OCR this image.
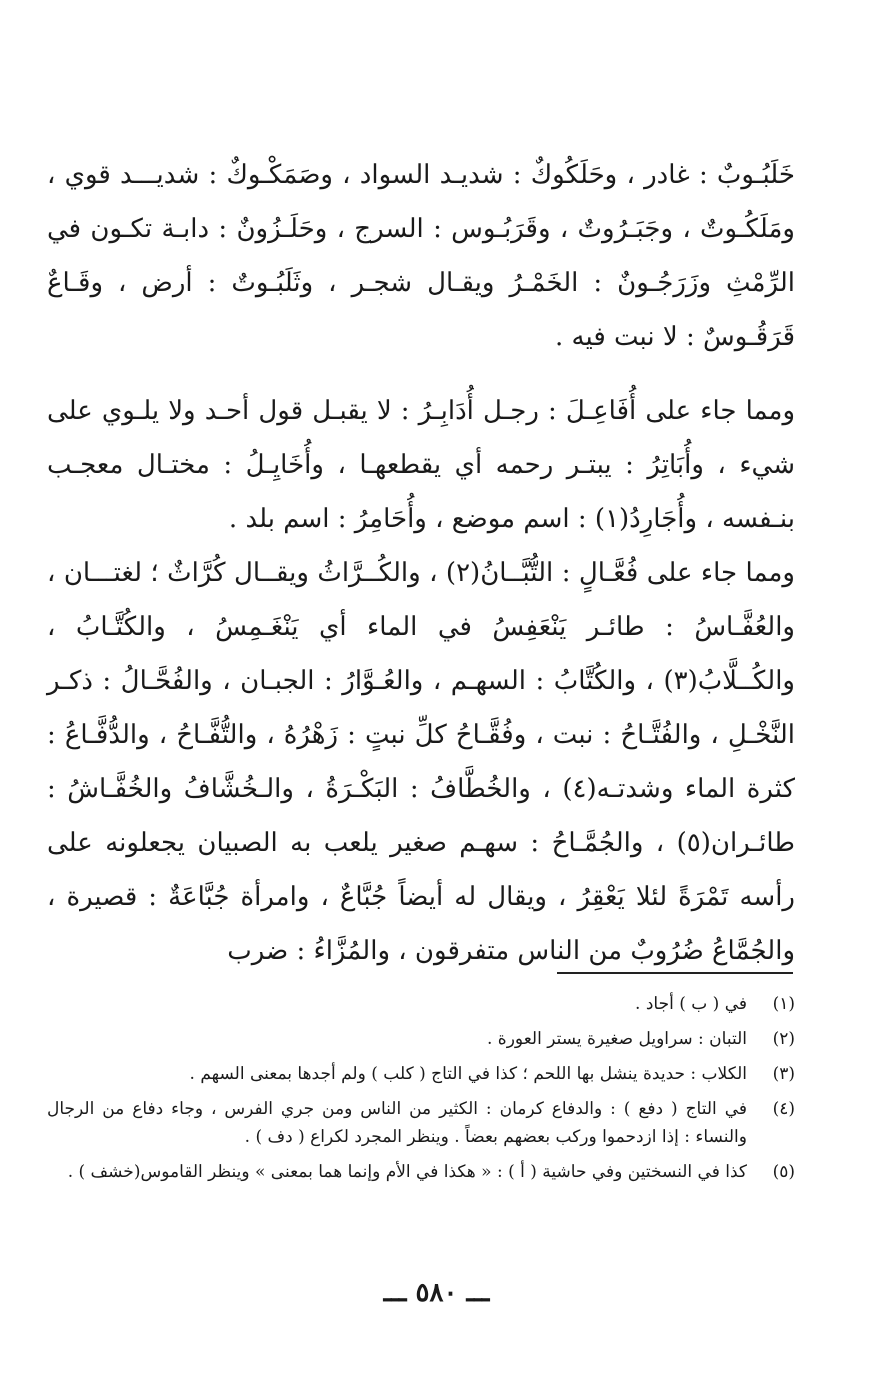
خَلَبُـوبٌ : غادر ، وحَلَكُوكٌ : شديـد السواد ، وصَمَكْـوكٌ : شديـــد قوي ، ومَلَكُـوتٌ ، وجَبَـرُوتٌ ، وقَرَبُـوس : السرج ، وحَلَـزُونٌ : دابـة تكـون في الرِّمْثِ وزَرَجُـونٌ : الخَمْـرُ ويقـال شجـر ، وثَلَبُـوتٌ : أرض ، وقَـاعٌ قَرَقُـوسٌ : لا نبت فيه .

ومما جاء على أُفَاعِـلَ : رجـل أُدَابِـرُ : لا يقبـل قول أحـد ولا يلـوي على شيء ، وأُبَاتِرُ : يبتـر رحمه أي يقطعهـا ، وأُخَايِـلُ : مختـال معجـب بنـفسه ، وأُجَارِدُ(١) : اسم موضع ، وأُحَامِرُ : اسم بلد .

ومما جاء على فُعَّـالٍ : التُّبَّــانُ(٢) ، والكُــرَّاثُ ويقــال كُرَّاثٌ ؛ لغتـــان ، والعُفَّـاسُ : طائـر يَنْعَفِسُ في الماء أي يَنْغَـمِسُ ، والكُتَّـابُ ، والكُــلَّابُ(٣) ، والكُتَّابُ : السهـم ، والعُـوَّارُ : الجبـان ، والفُحَّـالُ : ذكـر النَّخْـلِ ، والفُتَّـاحُ : نبت ، وفُقَّـاحُ كلِّ نبتٍ : زَهْرُهُ ، والتُّفَّـاحُ ، والدُّفَّـاعُ : كثرة الماء وشدتـه(٤) ، والخُطَّافُ : البَكْـرَةُ ، والـخُشَّافُ والخُفَّـاشُ : طائـران(٥) ، والجُمَّـاحُ : سهـم صغير يلعب به الصبيان يجعلونه على رأسه تَمْرَةً لئلا يَعْقِرُ ، ويقال له أيضاً جُبَّاعٌ ، وامرأة جُبَّاعَةٌ : قصيرة ، والجُمَّاعُ ضُرُوبٌ من الناس متفرقون ، والمُزَّاءُ : ضرب

(١)
في ( ب ) أجاد .
(٢)
التبان : سراويل صغيرة يستر العورة .
(٣)
الكلاب : حديدة ينشل بها اللحم ؛ كذا في التاج ( كلب ) ولم أجدها بمعنى السهم .
(٤)
في التاج ( دفع ) : والدفاع كرمان : الكثير من الناس ومن جري الفرس ، وجاء دفاع من الرجال والنساء : إذا ازدحموا وركب بعضهم بعضاً . وينظر المجرد لكراع ( دف ) .
(٥)
كذا في النسختين وفي حاشية ( أ ) : « هكذا في الأم وإنما هما بمعنى » وينظر القاموس(خشف ) .
ـــ ٥٨٠ ـــ
